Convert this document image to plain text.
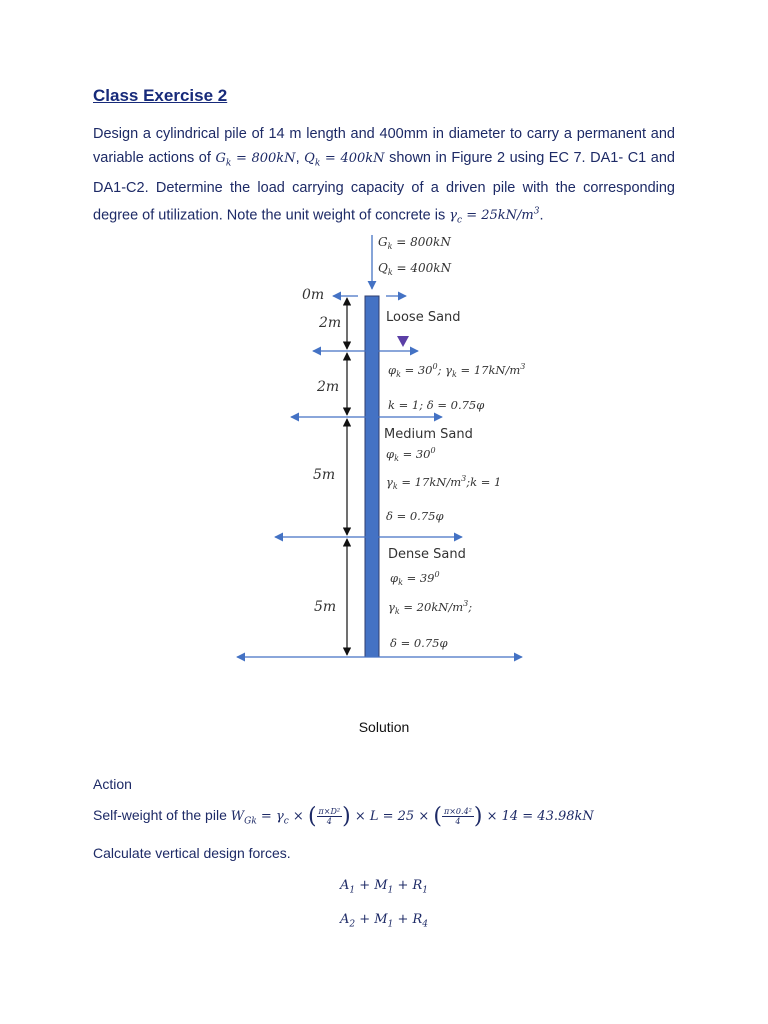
Class Exercise 2

Design a cylindrical pile of 14 m length and 400mm in diameter to carry a permanent and variable actions of $G_k = 800kN$, $Q_k = 400kN$ shown in Figure 2 using EC 7. DA1- C1 and DA1-C2. Determine the load carrying capacity of a driven pile with the corresponding degree of utilization. Note the unit weight of concrete is $\gamma_c = 25kN/m^3$.

$G_k = 800kN$
$Q_k = 400kN$
0m
2m
2m
5m
5m
Loose Sand
$\varphi_k = 30^0$; $\gamma_k = 17kN/m^3$
k = 1; δ = 0.75φ
Medium Sand
$\varphi_k = 30^0$
$\gamma_k$ = $17kN/m^3;k = 1$
δ = 0.75φ
Dense Sand
$\varphi_k = 39^0$
$\gamma_k = 20kN/m^3$;
δ = 0.75φ

Solution

Action

Self-weight of the pile $W_{Gk} = \gamma_c$ × ( $\frac{\text{π×D²}}{4}) \times L = 25$ × ( $\frac{\text{π×0.4²}}{4}) \times 14 = 43.98kN$

Calculate vertical design forces.

$A_1 + M_1 + R_1$

$A_2 + M_1 + R_4$
